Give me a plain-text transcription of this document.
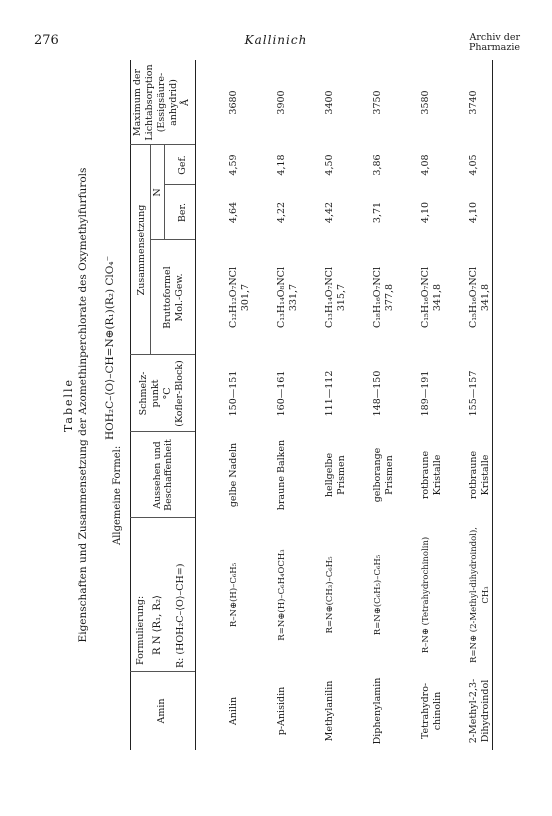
276	Kallinich	Archiv der
Pharmazie
Tabelle Eigenschaften und Zusammensetzung der Azomethinperchlorate des Oxymethylfurfurols Allgemeine Formel:
HOH₂C–⟨O⟩–CH=N⊕(R₁)(R₂) ClO₄⁻
Formulierung: R N ⟨R₁, R₂⟩ R: (HOH₂C–⟨O⟩–CH=)
Amin
Aussehen und Beschaffenheit
Schmelz- punkt °C (Kofler-Block)
Zusammensetzung
Bruttoformel Mol.-Gew.
N
Ber.
Gef.
Maximum der Lichtabsorption (Essigsäure- anhydrid) Å
Anilin
R–N⊕(H)–C₆H₅
gelbe Nadeln
150—151
C₁₂H₁₂O₇NCl 301,7
4,64
4,59
3680
p-Anisidin
R=N⊕(H)–C₆H₄OCH₃
braune Balken
160—161
C₁₃H₁₄O₈NCl 331,7
4,22
4,18
3900
Methylanilin
R=N⊕(CH₃)–C₆H₅
hellgelbe Prismen
111—112
C₁₃H₁₄O₇NCl 315,7
4,42
4,50
3400
Diphenylamin
R=N⊕(C₆H₅)–C₆H₅
gelborange Prismen
148—150
C₁₈H₁₆O₇NCl 377,8
3,71
3,86
3750
Tetrahydro- chinolin
R–N⊕ (Tetrahydrochinolin)
rotbraune Kristalle
189—191
C₁₅H₁₆O₇NCl 341,8
4,10
4,08
3580
2-Methyl-2,3- Dihydroindol
R=N⊕ (2-Methyl-dihydroindol), CH₃
rotbraune Kristalle
155—157
C₁₅H₁₆O₇NCl 341,8
4,10
4,05
3740
